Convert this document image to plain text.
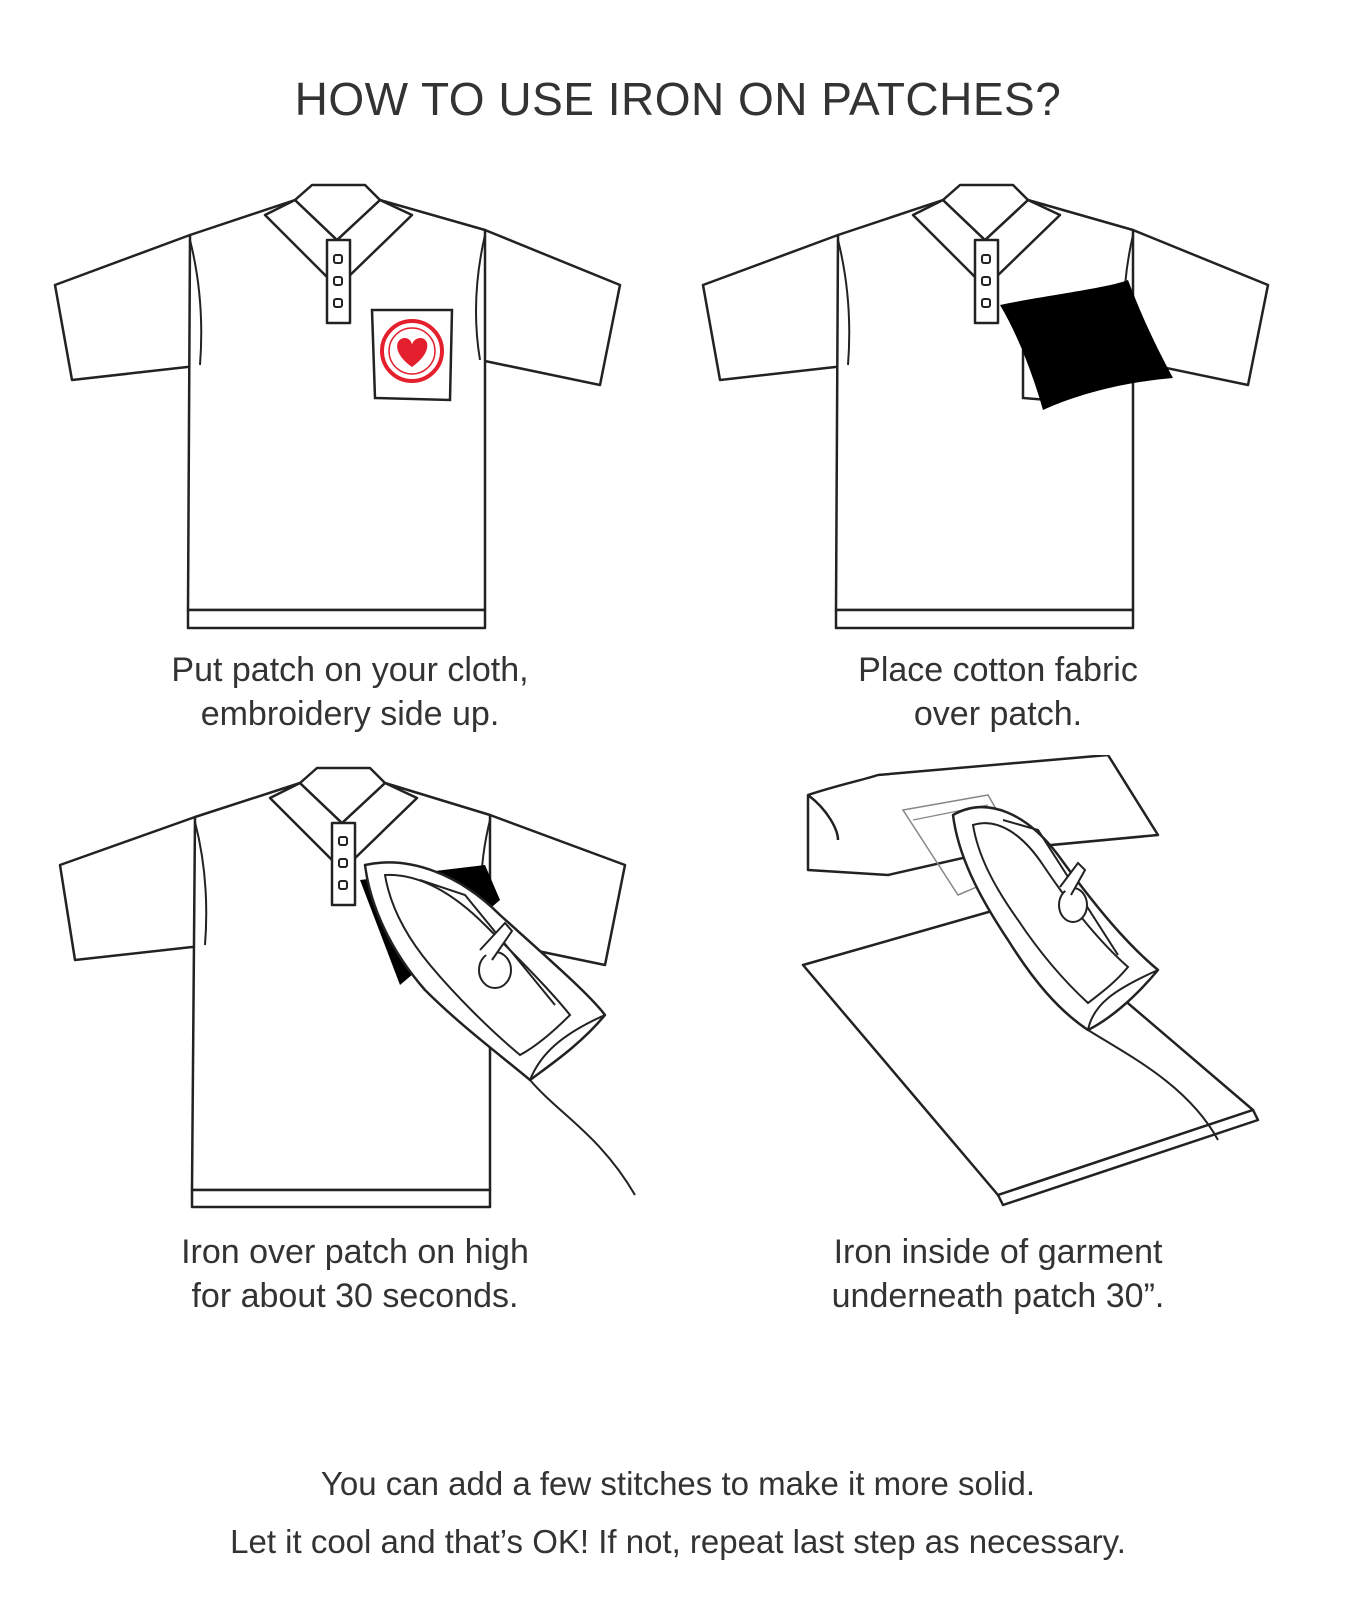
HOW TO USE IRON ON PATCHES?
Put patch on your cloth,
embroidery side up.
Place cotton fabric
over patch.
Iron over patch on high
for about 30 seconds.
Iron inside of garment
underneath patch 30”.
You can add a few stitches to make it more solid.
Let it cool and that’s OK! If not, repeat last step as necessary.
